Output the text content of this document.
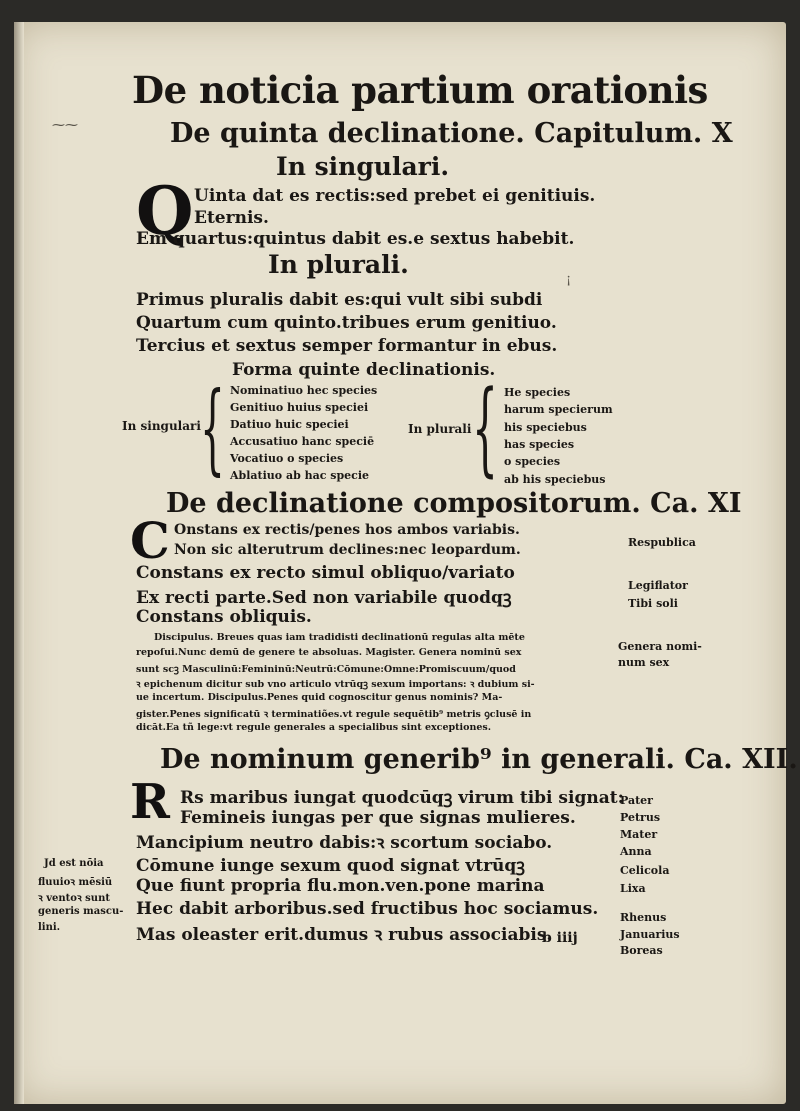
De noticia partium orationis
⁓⁓	De quinta declinatione. Capitulum. X
In singulari.
Q Uinta dat es rectis:sed prebet ei genitiuis.
Eternis.
Em quartus:quintus dabit es.e sextus habebit.
In plurali.
¡
Primus pluralis dabit es:qui vult sibi subdi
Quartum cum quinto.tribues erum genitiuo.
Tercius et sextus semper formantur in ebus.
Forma quinte declinationis.
In singulari { Nominatiuo hec species
Genitiuo huius speciei
Datiuo huic speciei
Accusatiuo hanc speciē
Vocatiuo o species
Ablatiuo ab hac specie
In plurali { He species
harum specierum
his speciebus
has species
o species
ab his speciebus
De declinatione compositorum. Ca. XI
C Onstans ex rectis/penes hos ambos variabis.
Non sic alterutrum declines:nec leopardum.
Constans ex recto simul obliquo/variato
Ex recti parte.Sed non variabile quodqꝫ
Constans obliquis.
Respublica
Legiflator
Tibi soli
Discipulus. Breues quas iam tradidisti declinationū regulas alta mēte
repoſui.Nunc demū de genere te absoluas. Magister. Genera nominū sex
sunt scꝫ Masculinū:Femininū:Neutrū:Cōmune:Omne:Promiscuum/quod
ꝛ epichenum dicitur sub vno articulo vtrūqꝫ sexum importans: ꝛ dubium si-
ue incertum. Discipulus.Penes quid cognoscitur genus nominis? Ma-
gister.Penes significatū ꝛ terminatiões.vt regule sequētib⁹ metris ꝯclusē in
dicāt.Ea tñ lege:vt regule generales a specialibus sint exceptiones.
Genera nomi-
num sex
De nominum generib⁹ in generali. Ca. XII.
R Rs maribus iungat quodcūqꝫ virum tibi signat:
Femineis iungas per que signas mulieres.
Mancipium neutro dabis:ꝛ scortum sociabo.
Cōmune iunge sexum quod signat vtrūqꝫ
Que fiunt propria flu.mon.ven.pone marina
Hec dabit arboribus.sed fructibus hoc sociamus.
Mas oleaster erit.dumus ꝛ rubus associabis.
Pater
Petrus
Mater
Anna
Celicola
Lixa
Rhenus
Januarius
Boreas
Jd est nōia
fluuioꝛ mēsiū
ꝛ ventoꝛ sunt
generis mascu-
lini.
b iiij
